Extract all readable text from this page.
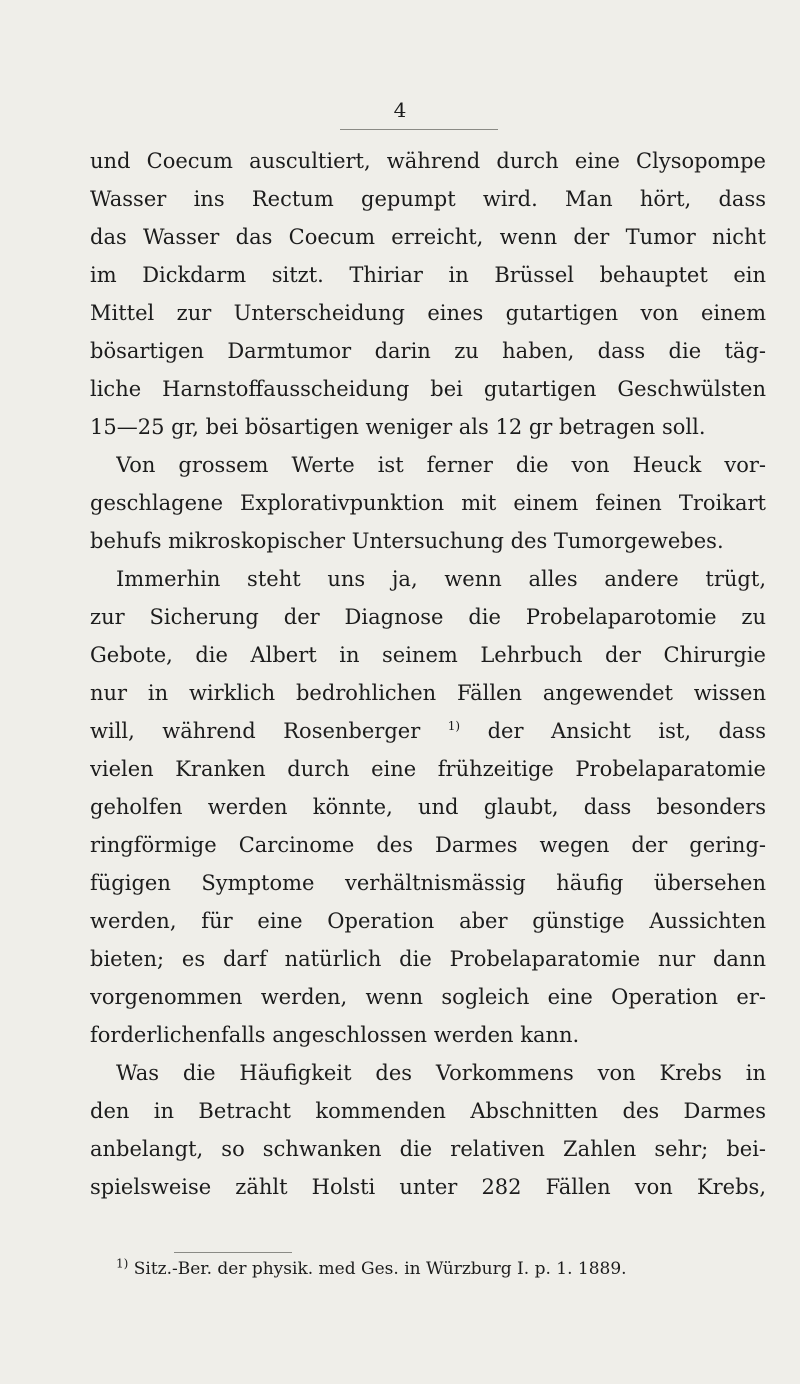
4
und Coecum auscultiert, während durch eine Clysopompe
Wasser ins Rectum gepumpt wird. Man hört, dass
das Wasser das Coecum erreicht, wenn der Tumor nicht
im Dickdarm sitzt. Thiriar in Brüssel behauptet ein
Mittel zur Unterscheidung eines gutartigen von einem
bösartigen Darmtumor darin zu haben, dass die täg-
liche Harnstoffausscheidung bei gutartigen Geschwülsten
15—25 gr, bei bösartigen weniger als 12 gr betragen soll.
Von grossem Werte ist ferner die von Heuck vor-
geschlagene Explorativpunktion mit einem feinen Troikart
behufs mikroskopischer Untersuchung des Tumorgewebes.
Immerhin steht uns ja, wenn alles andere trügt,
zur Sicherung der Diagnose die Probelaparotomie zu
Gebote, die Albert in seinem Lehrbuch der Chirurgie
nur in wirklich bedrohlichen Fällen angewendet wissen
will, während Rosenberger $^{1)}$ der Ansicht ist, dass
vielen Kranken durch eine frühzeitige Probelaparatomie
geholfen werden könnte, und glaubt, dass besonders
ringförmige Carcinome des Darmes wegen der gering-
fügigen Symptome verhältnismässig häufig übersehen
werden, für eine Operation aber günstige Aussichten
bieten; es darf natürlich die Probelaparatomie nur dann
vorgenommen werden, wenn sogleich eine Operation er-
forderlichenfalls angeschlossen werden kann.
Was die Häufigkeit des Vorkommens von Krebs in
den in Betracht kommenden Abschnitten des Darmes
anbelangt, so schwanken die relativen Zahlen sehr; bei-
spielsweise zählt Holsti unter 282 Fällen von Krebs,
$^{1)}$ Sitz.-Ber. der physik. med Ges. in Würzburg I. p. 1. 1889.
